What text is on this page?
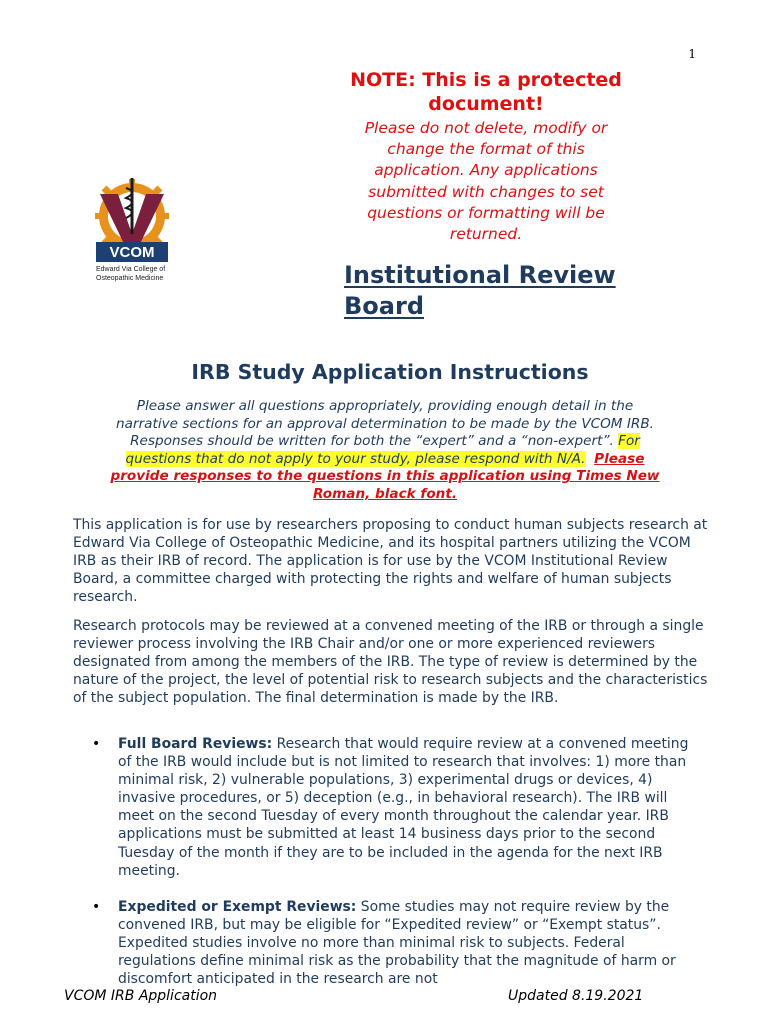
1
VCOM
Edward Via College of
Osteopathic Medicine
NOTE: This is a protected
document!
Please do not delete, modify or
change the format of this
application. Any applications
submitted with changes to set
questions or formatting will be
returned.
Institutional Review
Board
IRB Study Application Instructions
Please answer all questions appropriately, providing enough detail in the
narrative sections for an approval determination to be made by the VCOM IRB.
Responses should be written for both the “expert” and a “non-expert”. For
questions that do not apply to your study, please respond with N/A. Please
provide responses to the questions in this application using Times New
Roman, black font.
This application is for use by researchers proposing to conduct human subjects research at Edward Via College of Osteopathic Medicine, and its hospital partners utilizing the VCOM IRB as their IRB of record. The application is for use by the VCOM Institutional Review Board, a committee charged with protecting the rights and welfare of human subjects research.
Research protocols may be reviewed at a convened meeting of the IRB or through a single reviewer process involving the IRB Chair and/or one or more experienced reviewers designated from among the members of the IRB. The type of review is determined by the nature of the project, the level of potential risk to research subjects and the characteristics of the subject population. The final determination is made by the IRB.
• Full Board Reviews: Research that would require review at a convened meeting of the IRB would include but is not limited to research that involves: 1) more than minimal risk, 2) vulnerable populations, 3) experimental drugs or devices, 4) invasive procedures, or 5) deception (e.g., in behavioral research). The IRB will meet on the second Tuesday of every month throughout the calendar year. IRB applications must be submitted at least 14 business days prior to the second Tuesday of the month if they are to be included in the agenda for the next IRB meeting.
• Expedited or Exempt Reviews: Some studies may not require review by the convened IRB, but may be eligible for “Expedited review” or “Exempt status”. Expedited studies involve no more than minimal risk to subjects. Federal regulations define minimal risk as the probability that the magnitude of harm or discomfort anticipated in the research are not
VCOM IRB Application	Updated 8.19.2021
